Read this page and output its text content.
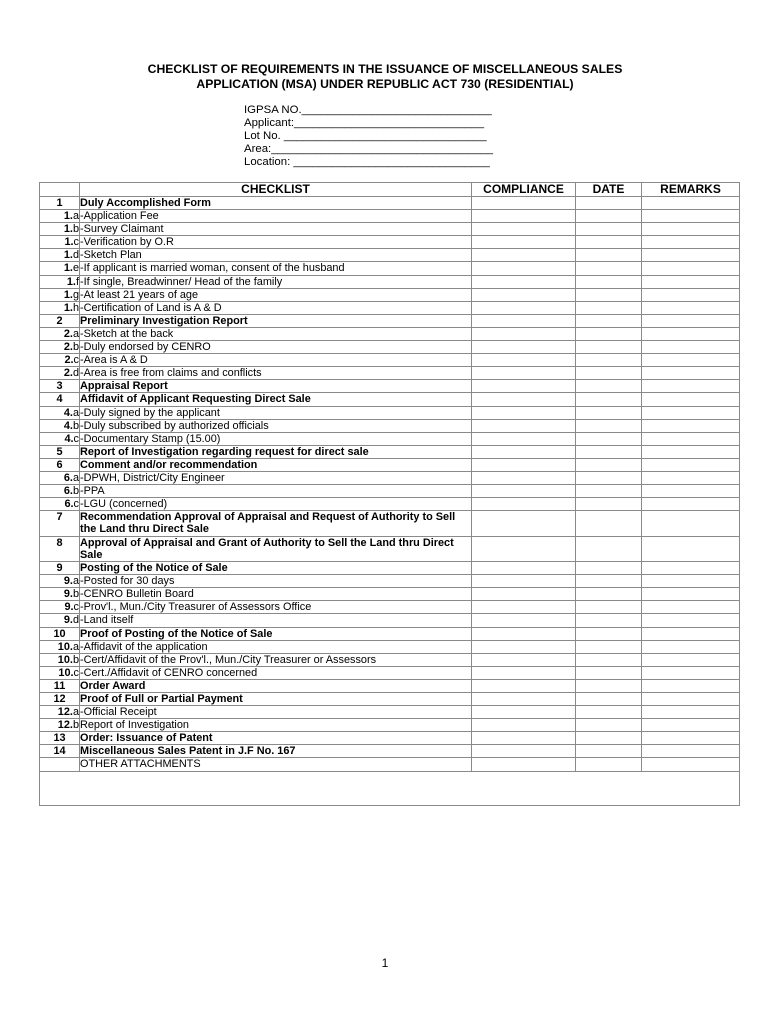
CHECKLIST OF REQUIREMENTS IN THE ISSUANCE OF MISCELLANEOUS SALES
APPLICATION (MSA) UNDER REPUBLIC ACT 730 (RESIDENTIAL)
IGPSA NO.______________________________
Applicant:______________________________
Lot No. ________________________________
Area:___________________________________
Location: _______________________________
	CHECKLIST	COMPLIANCE	DATE	REMARKS
1	Duly Accomplished Form			
1.a	-Application Fee			
1.b	-Survey Claimant			
1.c	-Verification by O.R			
1.d	-Sketch Plan			
1.e	-If applicant is married woman, consent of the husband			
1.f	-If single, Breadwinner/ Head of the family			
1.g	-At least 21 years of age			
1.h	-Certification of Land is A & D			
2	Preliminary Investigation Report			
2.a	-Sketch at the back			
2.b	-Duly endorsed by CENRO			
2.c	-Area is A & D			
2.d	-Area is free from claims and conflicts			
3	Appraisal Report			
4	Affidavit of Applicant Requesting Direct Sale			
4.a	-Duly signed by the applicant			
4.b	-Duly subscribed by authorized officials			
4.c	-Documentary Stamp (15.00)			
5	Report of Investigation regarding request for direct sale			
6	Comment and/or recommendation			
6.a	-DPWH, District/City Engineer			
6.b	-PPA			
6.c	-LGU (concerned)			
7	Recommendation Approval of Appraisal and Request of Authority to Sell the Land thru Direct Sale			
8	Approval of Appraisal and Grant of Authority to Sell the Land thru Direct Sale			
9	Posting of the Notice of Sale			
9.a	-Posted for 30 days			
9.b	-CENRO Bulletin Board			
9.c	-Prov'l., Mun./City Treasurer of Assessors Office			
9.d	-Land itself			
10	Proof of Posting of the Notice of Sale			
10.a	-Affidavit of the application			
10.b	-Cert/Affidavit of the Prov'l., Mun./City Treasurer or Assessors			
10.c	-Cert./Affidavit of CENRO concerned			
11	Order Award			
12	Proof of Full or Partial Payment			
12.a	-Official Receipt			
12.b	Report of Investigation			
13	Order: Issuance of Patent			
14	Miscellaneous Sales Patent in J.F No. 167			
	OTHER ATTACHMENTS			

1
